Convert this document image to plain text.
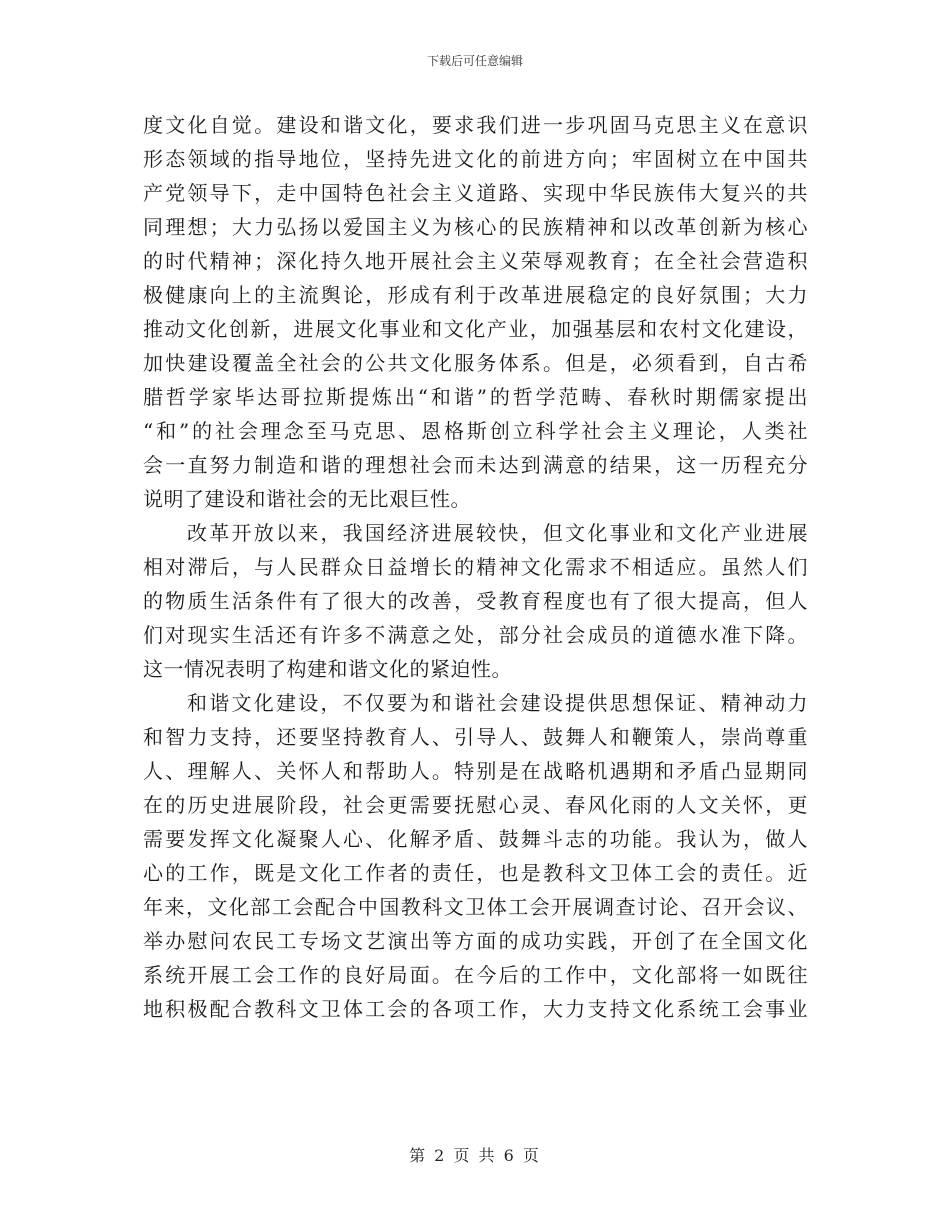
下载后可任意编辑
度文化自觉。建设和谐文化，要求我们进一步巩固马克思主义在意识
形态领域的指导地位，坚持先进文化的前进方向；牢固树立在中国共
产党领导下，走中国特色社会主义道路、实现中华民族伟大复兴的共
同理想；大力弘扬以爱国主义为核心的民族精神和以改革创新为核心
的时代精神；深化持久地开展社会主义荣辱观教育；在全社会营造积
极健康向上的主流舆论，形成有利于改革进展稳定的良好氛围；大力
推动文化创新，进展文化事业和文化产业，加强基层和农村文化建设，
加快建设覆盖全社会的公共文化服务体系。但是，必须看到，自古希
腊哲学家毕达哥拉斯提炼出“和谐”的哲学范畴、春秋时期儒家提出
“和”的社会理念至马克思、恩格斯创立科学社会主义理论，人类社
会一直努力制造和谐的理想社会而未达到满意的结果，这一历程充分
说明了建设和谐社会的无比艰巨性。
改革开放以来，我国经济进展较快，但文化事业和文化产业进展
相对滞后，与人民群众日益增长的精神文化需求不相适应。虽然人们
的物质生活条件有了很大的改善，受教育程度也有了很大提高，但人
们对现实生活还有许多不满意之处，部分社会成员的道德水准下降。
这一情况表明了构建和谐文化的紧迫性。
和谐文化建设，不仅要为和谐社会建设提供思想保证、精神动力
和智力支持，还要坚持教育人、引导人、鼓舞人和鞭策人，崇尚尊重
人、理解人、关怀人和帮助人。特别是在战略机遇期和矛盾凸显期同
在的历史进展阶段，社会更需要抚慰心灵、春风化雨的人文关怀，更
需要发挥文化凝聚人心、化解矛盾、鼓舞斗志的功能。我认为，做人
心的工作，既是文化工作者的责任，也是教科文卫体工会的责任。近
年来，文化部工会配合中国教科文卫体工会开展调查讨论、召开会议、
举办慰问农民工专场文艺演出等方面的成功实践，开创了在全国文化
系统开展工会工作的良好局面。在今后的工作中，文化部将一如既往
地积极配合教科文卫体工会的各项工作，大力支持文化系统工会事业
第 2 页 共 6 页
